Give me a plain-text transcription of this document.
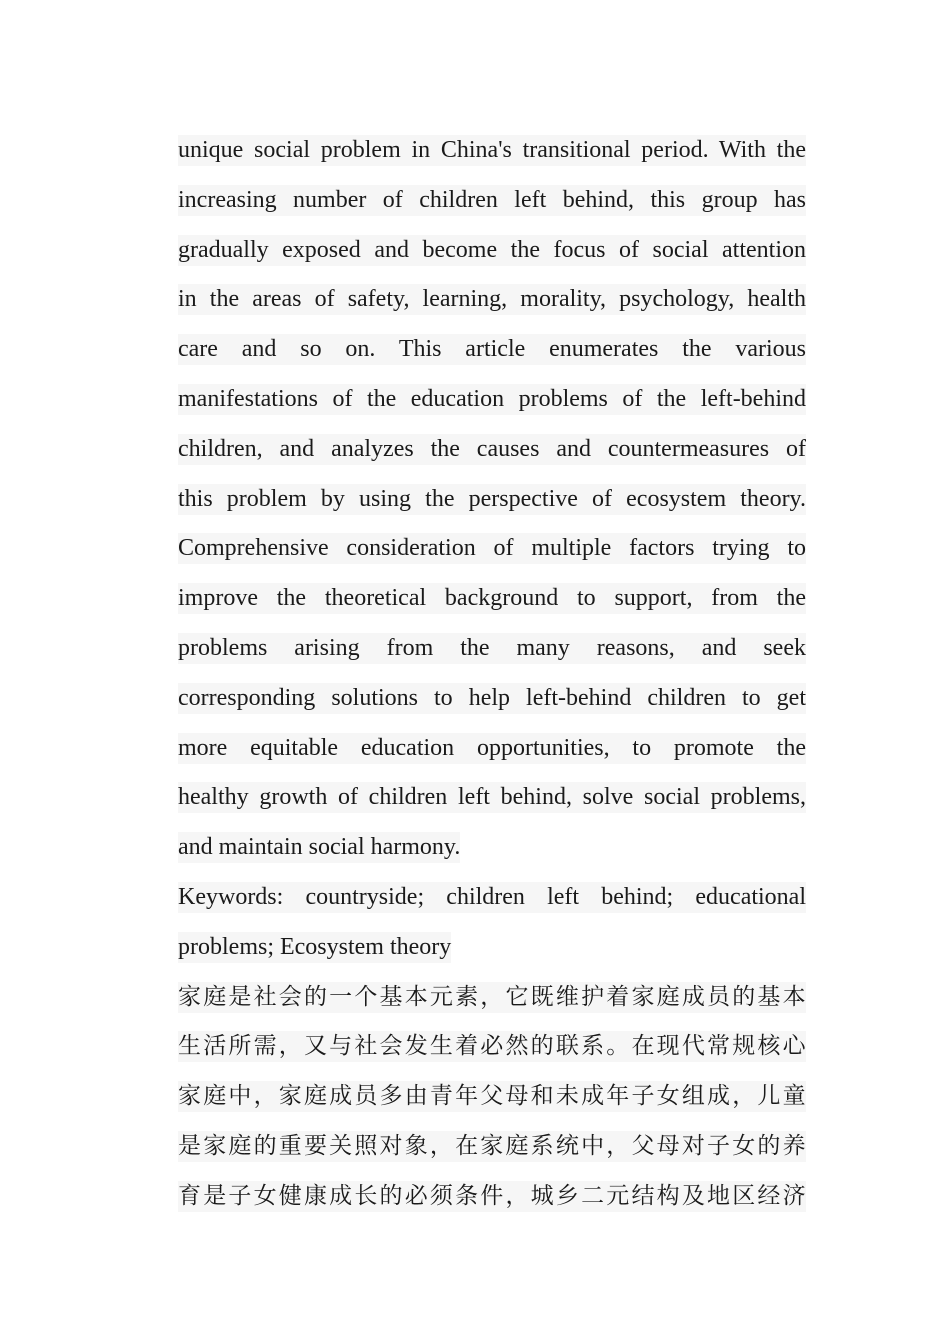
unique social problem in China's transitional period. With the
increasing number of children left behind, this group has
gradually exposed and become the focus of social attention
in the areas of safety, learning, morality, psychology, health
care and so on. This article enumerates the various
manifestations of the education problems of the left-behind
children, and analyzes the causes and countermeasures of
this problem by using the perspective of ecosystem theory.
Comprehensive consideration of multiple factors trying to
improve the theoretical background to support, from the
problems arising from the many reasons, and seek
corresponding solutions to help left-behind children to get
more equitable education opportunities, to promote the
healthy growth of children left behind, solve social problems,
and maintain social harmony.
Keywords: countryside; children left behind; educational
problems; Ecosystem theory
家庭是社会的一个基本元素，它既维护着家庭成员的基本
生活所需，又与社会发生着必然的联系。在现代常规核心
家庭中，家庭成员多由青年父母和未成年子女组成，儿童
是家庭的重要关照对象，在家庭系统中，父母对子女的养
育是子女健康成长的必须条件，城乡二元结构及地区经济
